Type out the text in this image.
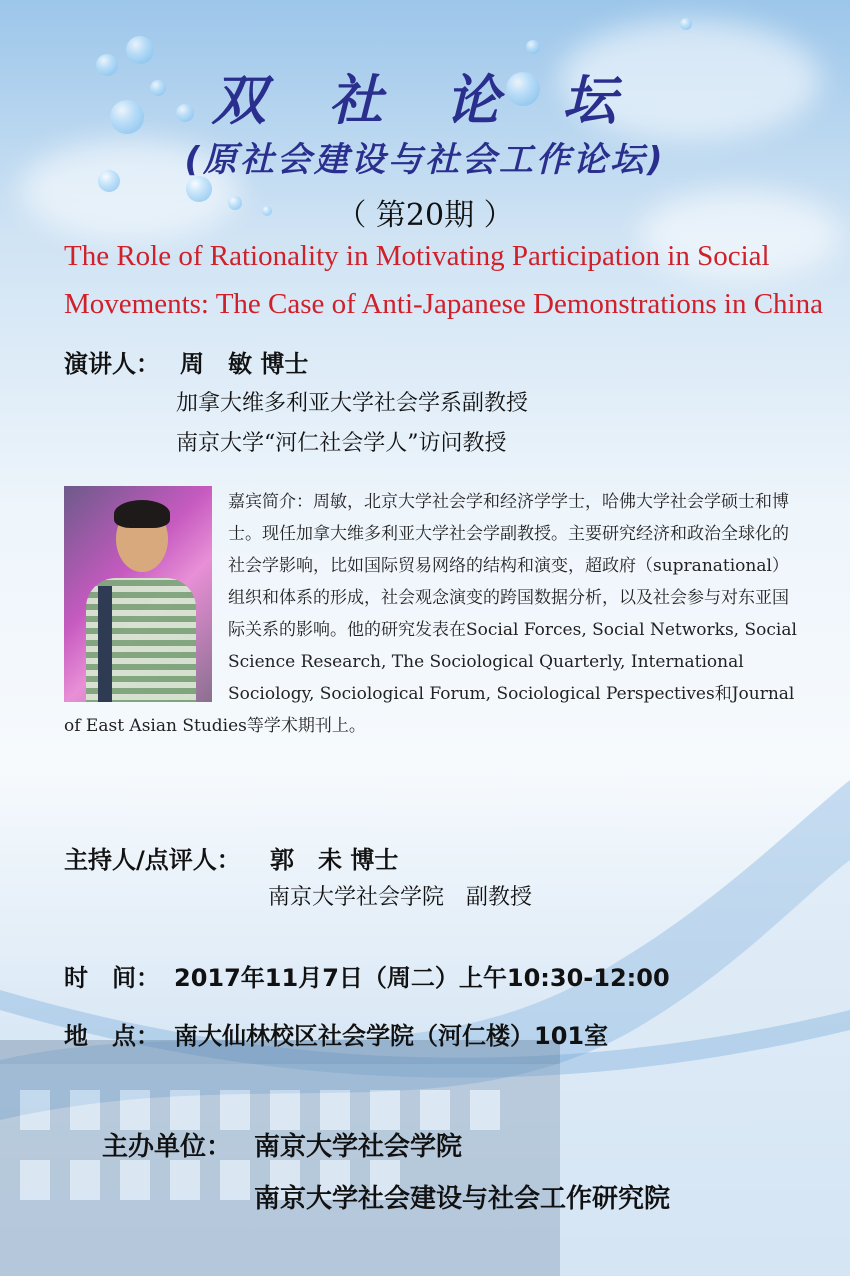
双 社 论 坛
(原社会建设与社会工作论坛)
（ 第20期 ）
The Role of Rationality in Motivating Participation in Social
Movements: The Case of Anti-Japanese Demonstrations in China
演讲人： 周　敏 博士
加拿大维多利亚大学社会学系副教授
南京大学“河仁社会学人”访问教授
嘉宾简介：周敏，北京大学社会学和经济学学士，哈佛大学社会学硕士和博士。现任加拿大维多利亚大学社会学副教授。主要研究经济和政治全球化的社会学影响，比如国际贸易网络的结构和演变，超政府（supranational）组织和体系的形成，社会观念演变的跨国数据分析，以及社会参与对东亚国际关系的影响。他的研究发表在Social Forces, Social Networks, Social Science Research, The Sociological Quarterly, International Sociology, Sociological Forum, Sociological Perspectives和Journal of East Asian Studies等学术期刊上。
主持人/点评人： 郭　未 博士
南京大学社会学院　副教授
时　间： 2017年11月7日（周二）上午10:30-12:00
地　点： 南大仙林校区社会学院（河仁楼）101室
主办单位： 南京大学社会学院
南京大学社会建设与社会工作研究院
